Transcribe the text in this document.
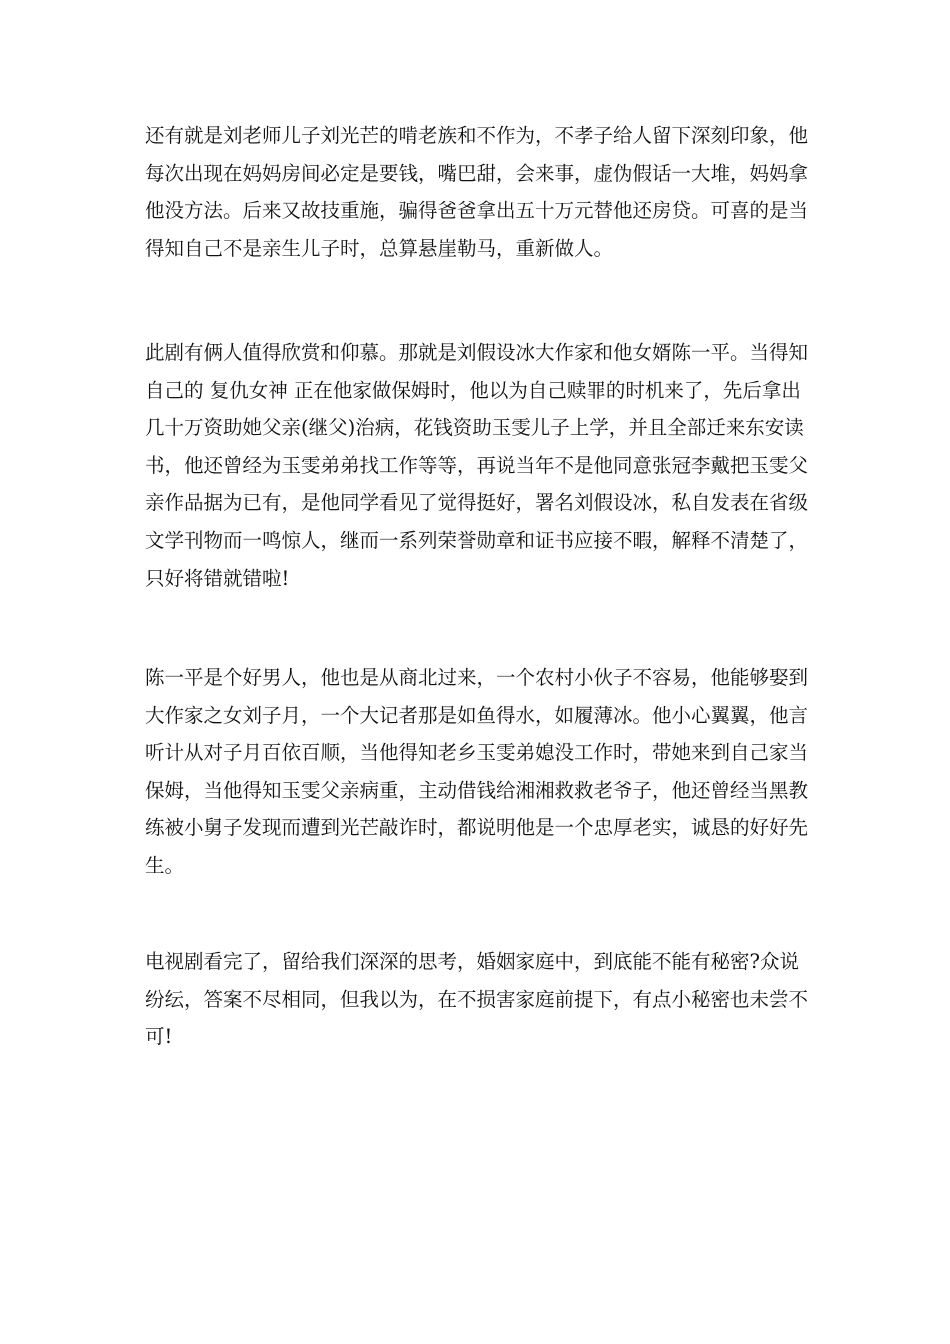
还有就是刘老师儿子刘光芒的啃老族和不作为，不孝子给人留下深刻印象，他
每次出现在妈妈房间必定是要钱，嘴巴甜，会来事，虚伪假话一大堆，妈妈拿
他没方法。后来又故技重施，骗得爸爸拿出五十万元替他还房贷。可喜的是当
得知自己不是亲生儿子时，总算悬崖勒马，重新做人。
此剧有俩人值得欣赏和仰慕。那就是刘假设冰大作家和他女婿陈一平。当得知
自己的 复仇女神 正在他家做保姆时，他以为自己赎罪的时机来了，先后拿出
几十万资助她父亲(继父)治病，花钱资助玉雯儿子上学，并且全部迁来东安读
书，他还曾经为玉雯弟弟找工作等等，再说当年不是他同意张冠李戴把玉雯父
亲作品据为已有，是他同学看见了觉得挺好，署名刘假设冰，私自发表在省级
文学刊物而一鸣惊人，继而一系列荣誉勋章和证书应接不暇，解释不清楚了，
只好将错就错啦!
陈一平是个好男人，他也是从商北过来，一个农村小伙子不容易，他能够娶到
大作家之女刘子月，一个大记者那是如鱼得水，如履薄冰。他小心翼翼，他言
听计从对子月百依百顺，当他得知老乡玉雯弟媳没工作时，带她来到自己家当
保姆，当他得知玉雯父亲病重，主动借钱给湘湘救救老爷子，他还曾经当黑教
练被小舅子发现而遭到光芒敲诈时，都说明他是一个忠厚老实，诚恳的好好先
生。
电视剧看完了，留给我们深深的思考，婚姻家庭中，到底能不能有秘密?众说
纷纭，答案不尽相同，但我以为，在不损害家庭前提下，有点小秘密也未尝不
可!
